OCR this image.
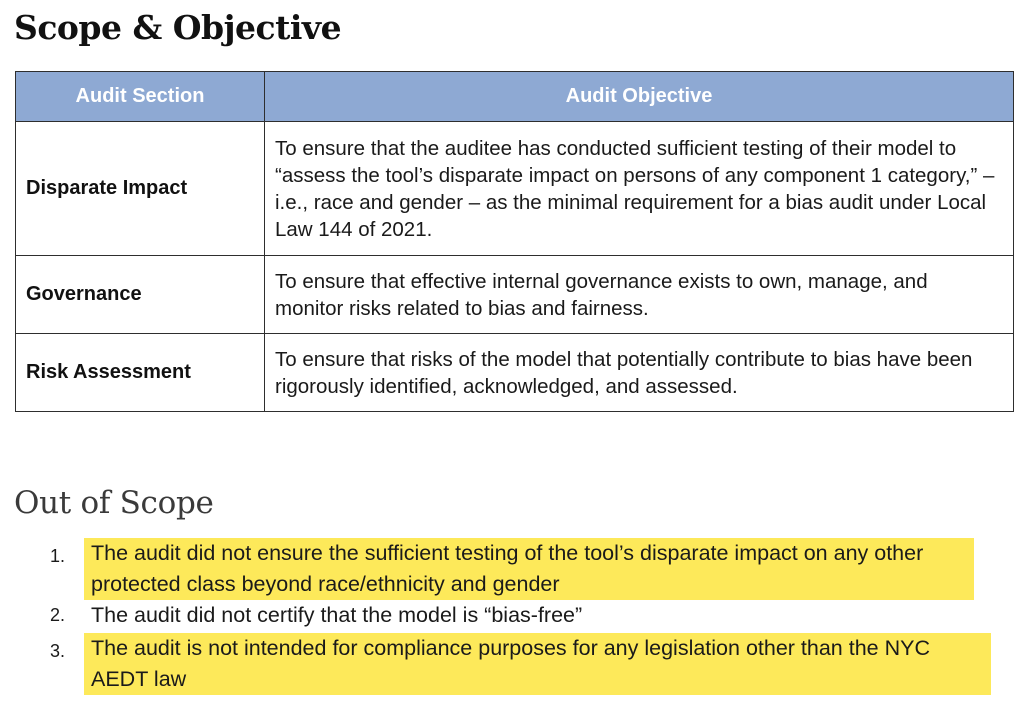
Scope & Objective
Audit Section	Audit Objective
Disparate Impact	To ensure that the auditee has conducted sufficient testing of their model to “assess the tool’s disparate impact on persons of any component 1 category,” – i.e., race and gender – as the minimal requirement for a bias audit under Local Law 144 of 2021.
Governance	To ensure that effective internal governance exists to own, manage, and monitor risks related to bias and fairness.
Risk Assessment	To ensure that risks of the model that potentially contribute to bias have been rigorously identified, acknowledged, and assessed.
Out of Scope
1.	The audit did not ensure the sufficient testing of the tool’s disparate impact on any other protected class beyond race/ethnicity and gender
2.	The audit did not certify that the model is “bias-free”
3.	The audit is not intended for compliance purposes for any legislation other than the NYC AEDT law
